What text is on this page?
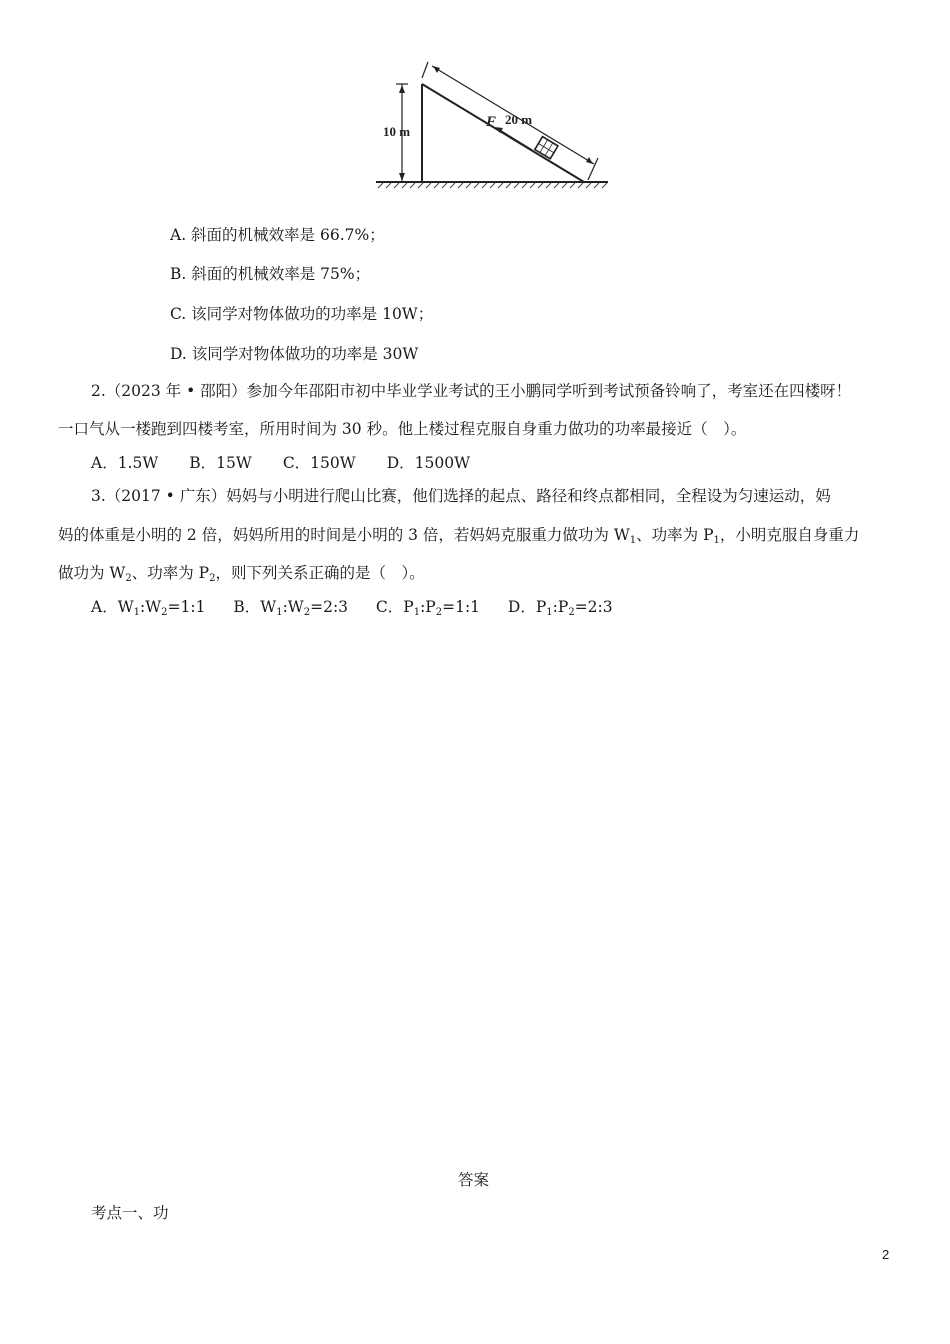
10 m
20 m
F
A. 斜面的机械效率是 66.7%；
B. 斜面的机械效率是 75%；
C. 该同学对物体做功的功率是 10W；
D. 该同学对物体做功的功率是 30W
2.（2023 年 • 邵阳）参加今年邵阳市初中毕业学业考试的王小鹏同学听到考试预备铃响了，考室还在四楼呀！
一口气从一楼跑到四楼考室，所用时间为 30 秒。他上楼过程克服自身重力做功的功率最接近（　）。
A．1.5W　　B．15W　　C．150W　　D．1500W
3.（2017 • 广东）妈妈与小明进行爬山比赛，他们选择的起点、路径和终点都相同，全程设为匀速运动，妈
妈的体重是小明的 2 倍，妈妈所用的时间是小明的 3 倍，若妈妈克服重力做功为 $W_1$、功率为 $P_1$，小明克服自身重力
做功为 $W_2$、功率为 $P_2$，则下列关系正确的是（　）。
A．$W_1:W_2=1:1$ B．$W_1:W_2=2:3$ C．$P_1:P_2=1:1$ D．$P_1:P_2=2:3$
答案
考点一、功
2
